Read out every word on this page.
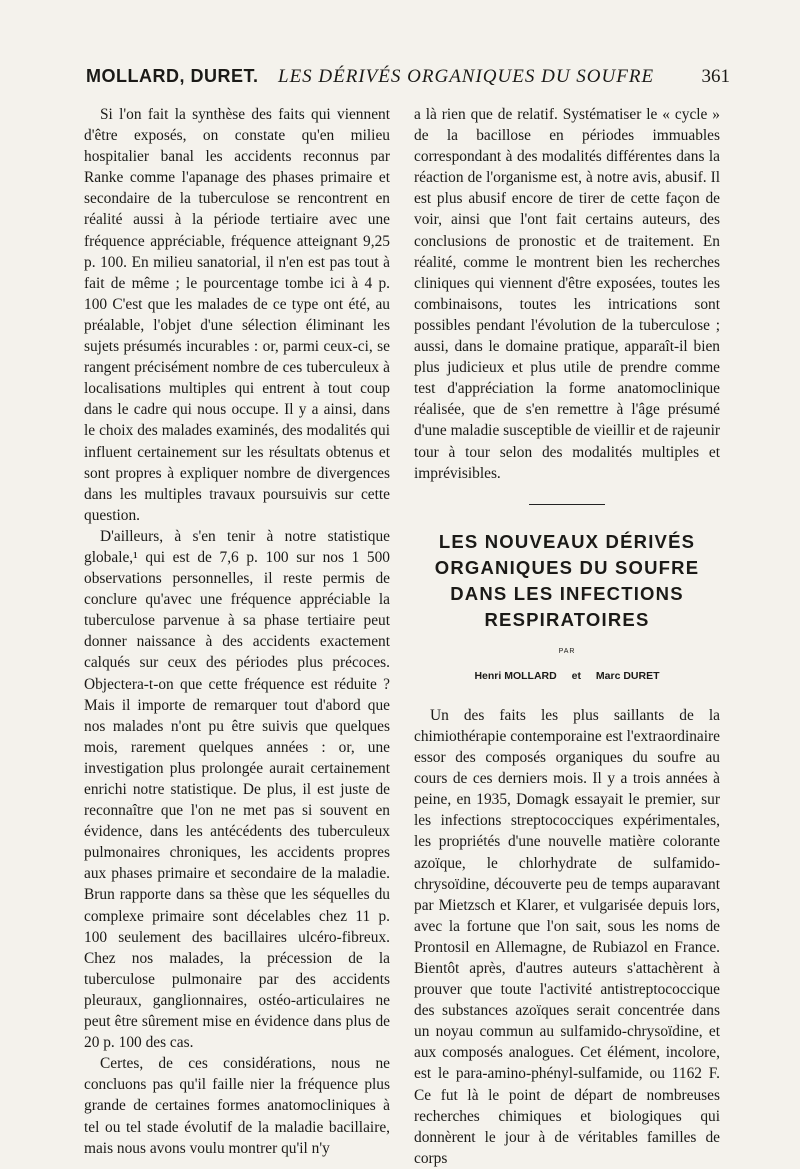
MOLLARD, DURET. LES DÉRIVÉS ORGANIQUES DU SOUFRE 361

Si l'on fait la synthèse des faits qui viennent d'être exposés, on constate qu'en milieu hospitalier banal les accidents reconnus par Ranke comme l'apanage des phases primaire et secondaire de la tuberculose se rencontrent en réalité aussi à la période tertiaire avec une fréquence appréciable, fréquence atteignant 9,25 p. 100. En milieu sanatorial, il n'en est pas tout à fait de même ; le pourcentage tombe ici à 4 p. 100 C'est que les malades de ce type ont été, au préalable, l'objet d'une sélection éliminant les sujets présumés incurables : or, parmi ceux-ci, se rangent précisément nombre de ces tuberculeux à localisations multiples qui entrent à tout coup dans le cadre qui nous occupe. Il y a ainsi, dans le choix des malades examinés, des modalités qui influent certainement sur les résultats obtenus et sont propres à expliquer nombre de divergences dans les multiples travaux poursuivis sur cette question.

D'ailleurs, à s'en tenir à notre statistique globale,¹ qui est de 7,6 p. 100 sur nos 1 500 observations personnelles, il reste permis de conclure qu'avec une fréquence appréciable la tuberculose parvenue à sa phase tertiaire peut donner naissance à des accidents exactement calqués sur ceux des périodes plus précoces. Objectera-t-on que cette fréquence est réduite ? Mais il importe de remarquer tout d'abord que nos malades n'ont pu être suivis que quelques mois, rarement quelques années : or, une investigation plus prolongée aurait certainement enrichi notre statistique. De plus, il est juste de reconnaître que l'on ne met pas si souvent en évidence, dans les antécédents des tuberculeux pulmonaires chroniques, les accidents propres aux phases primaire et secondaire de la maladie. Brun rapporte dans sa thèse que les séquelles du complexe primaire sont décelables chez 11 p. 100 seulement des bacillaires ulcéro-fibreux. Chez nos malades, la précession de la tuberculose pulmonaire par des accidents pleuraux, ganglionnaires, ostéo-articulaires ne peut être sûrement mise en évidence dans plus de 20 p. 100 des cas.

Certes, de ces considérations, nous ne concluons pas qu'il faille nier la fréquence plus grande de certaines formes anatomocliniques à tel ou tel stade évolutif de la maladie bacillaire, mais nous avons voulu montrer qu'il n'y

a là rien que de relatif. Systématiser le « cycle » de la bacillose en périodes immuables correspondant à des modalités différentes dans la réaction de l'organisme est, à notre avis, abusif. Il est plus abusif encore de tirer de cette façon de voir, ainsi que l'ont fait certains auteurs, des conclusions de pronostic et de traitement. En réalité, comme le montrent bien les recherches cliniques qui viennent d'être exposées, toutes les combinaisons, toutes les intrications sont possibles pendant l'évolution de la tuberculose ; aussi, dans le domaine pratique, apparaît-il bien plus judicieux et plus utile de prendre comme test d'appréciation la forme anatomoclinique réalisée, que de s'en remettre à l'âge présumé d'une maladie susceptible de vieillir et de rajeunir tour à tour selon des modalités multiples et imprévisibles.

LES NOUVEAUX DÉRIVÉS
ORGANIQUES DU SOUFRE
DANS LES INFECTIONS
RESPIRATOIRES
PAR
Henri MOLLARD et Marc DURET

Un des faits les plus saillants de la chimiothérapie contemporaine est l'extraordinaire essor des composés organiques du soufre au cours de ces derniers mois. Il y a trois années à peine, en 1935, Domagk essayait le premier, sur les infections streptococciques expérimentales, les propriétés d'une nouvelle matière colorante azoïque, le chlorhydrate de sulfamido-chrysoïdine, découverte peu de temps auparavant par Mietzsch et Klarer, et vulgarisée depuis lors, avec la fortune que l'on sait, sous les noms de Prontosil en Allemagne, de Rubiazol en France. Bientôt après, d'autres auteurs s'attachèrent à prouver que toute l'activité antistreptococcique des substances azoïques serait concentrée dans un noyau commun au sulfamido-chrysoïdine, et aux composés analogues. Cet élément, incolore, est le para-amino-phényl-sulfamide, ou 1162 F. Ce fut là le point de départ de nombreuses recherches chimiques et biologiques qui donnèrent le jour à de véritables familles de corps
